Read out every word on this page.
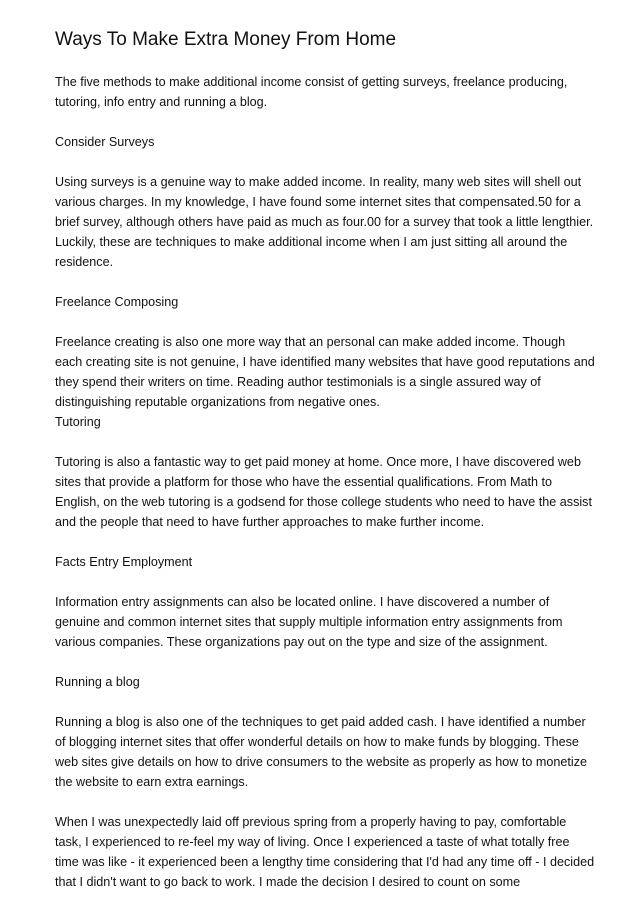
Ways To Make Extra Money From Home

The five methods to make additional income consist of getting surveys, freelance producing, tutoring, info entry and running a blog.

Consider Surveys

Using surveys is a genuine way to make added income. In reality, many web sites will shell out various charges. In my knowledge, I have found some internet sites that compensated.50 for a brief survey, although others have paid as much as four.00 for a survey that took a little lengthier. Luckily, these are techniques to make additional income when I am just sitting all around the residence.

Freelance Composing

Freelance creating is also one more way that an personal can make added income. Though each creating site is not genuine, I have identified many websites that have good reputations and they spend their writers on time. Reading author testimonials is a single assured way of distinguishing reputable organizations from negative ones.

Tutoring

Tutoring is also a fantastic way to get paid money at home. Once more, I have discovered web sites that provide a platform for those who have the essential qualifications. From Math to English, on the web tutoring is a godsend for those college students who need to have the assist and the people that need to have further approaches to make further income.

Facts Entry Employment

Information entry assignments can also be located online. I have discovered a number of genuine and common internet sites that supply multiple information entry assignments from various companies. These organizations pay out on the type and size of the assignment.

Running a blog

Running a blog is also one of the techniques to get paid added cash. I have identified a number of blogging internet sites that offer wonderful details on how to make funds by blogging. These web sites give details on how to drive consumers to the website as properly as how to monetize the website to earn extra earnings.

When I was unexpectedly laid off previous spring from a properly having to pay, comfortable task, I experienced to re-feel my way of living. Once I experienced a taste of what totally free time was like - it experienced been a lengthy time considering that I'd had any time off - I decided that I didn't want to go back to work. I made the decision I desired to count on some
